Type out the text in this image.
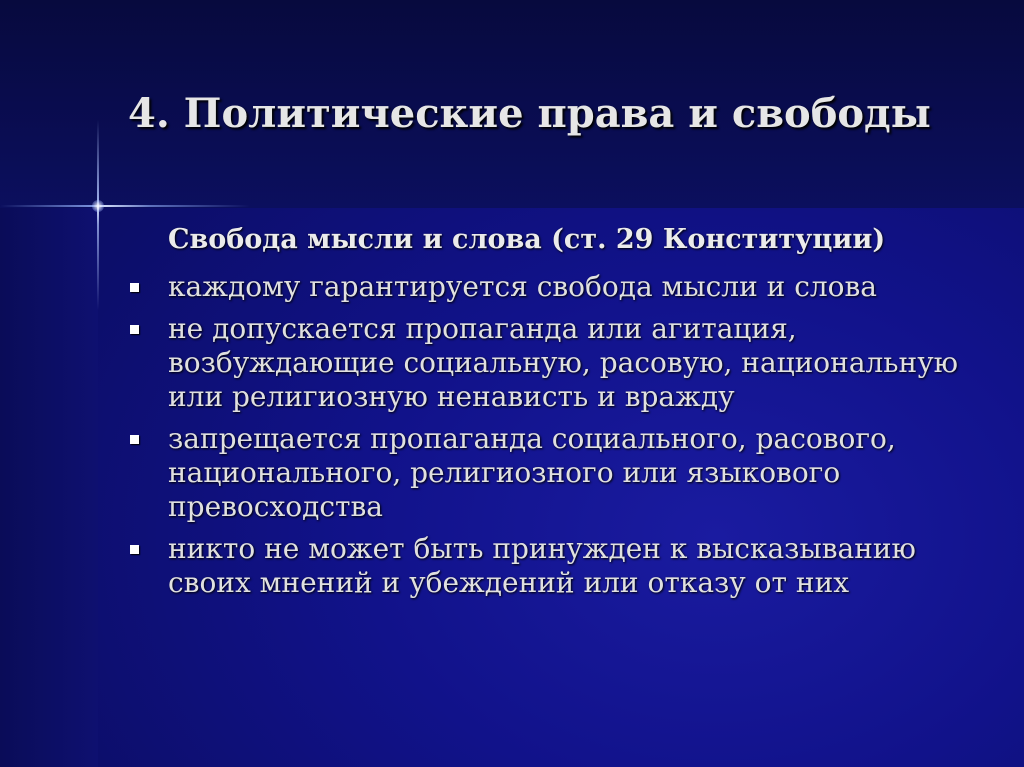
4. Политические права и свободы
Свобода мысли и слова (ст. 29 Конституции)
каждому гарантируется свобода мысли и слова
не допускается пропаганда или агитация, возбуждающие социальную, расовую, национальную или религиозную ненависть и вражду
запрещается пропаганда социального, расового, национального, религиозного или языкового превосходства
никто не может быть принужден к высказыванию своих мнений и убеждений или отказу от них
